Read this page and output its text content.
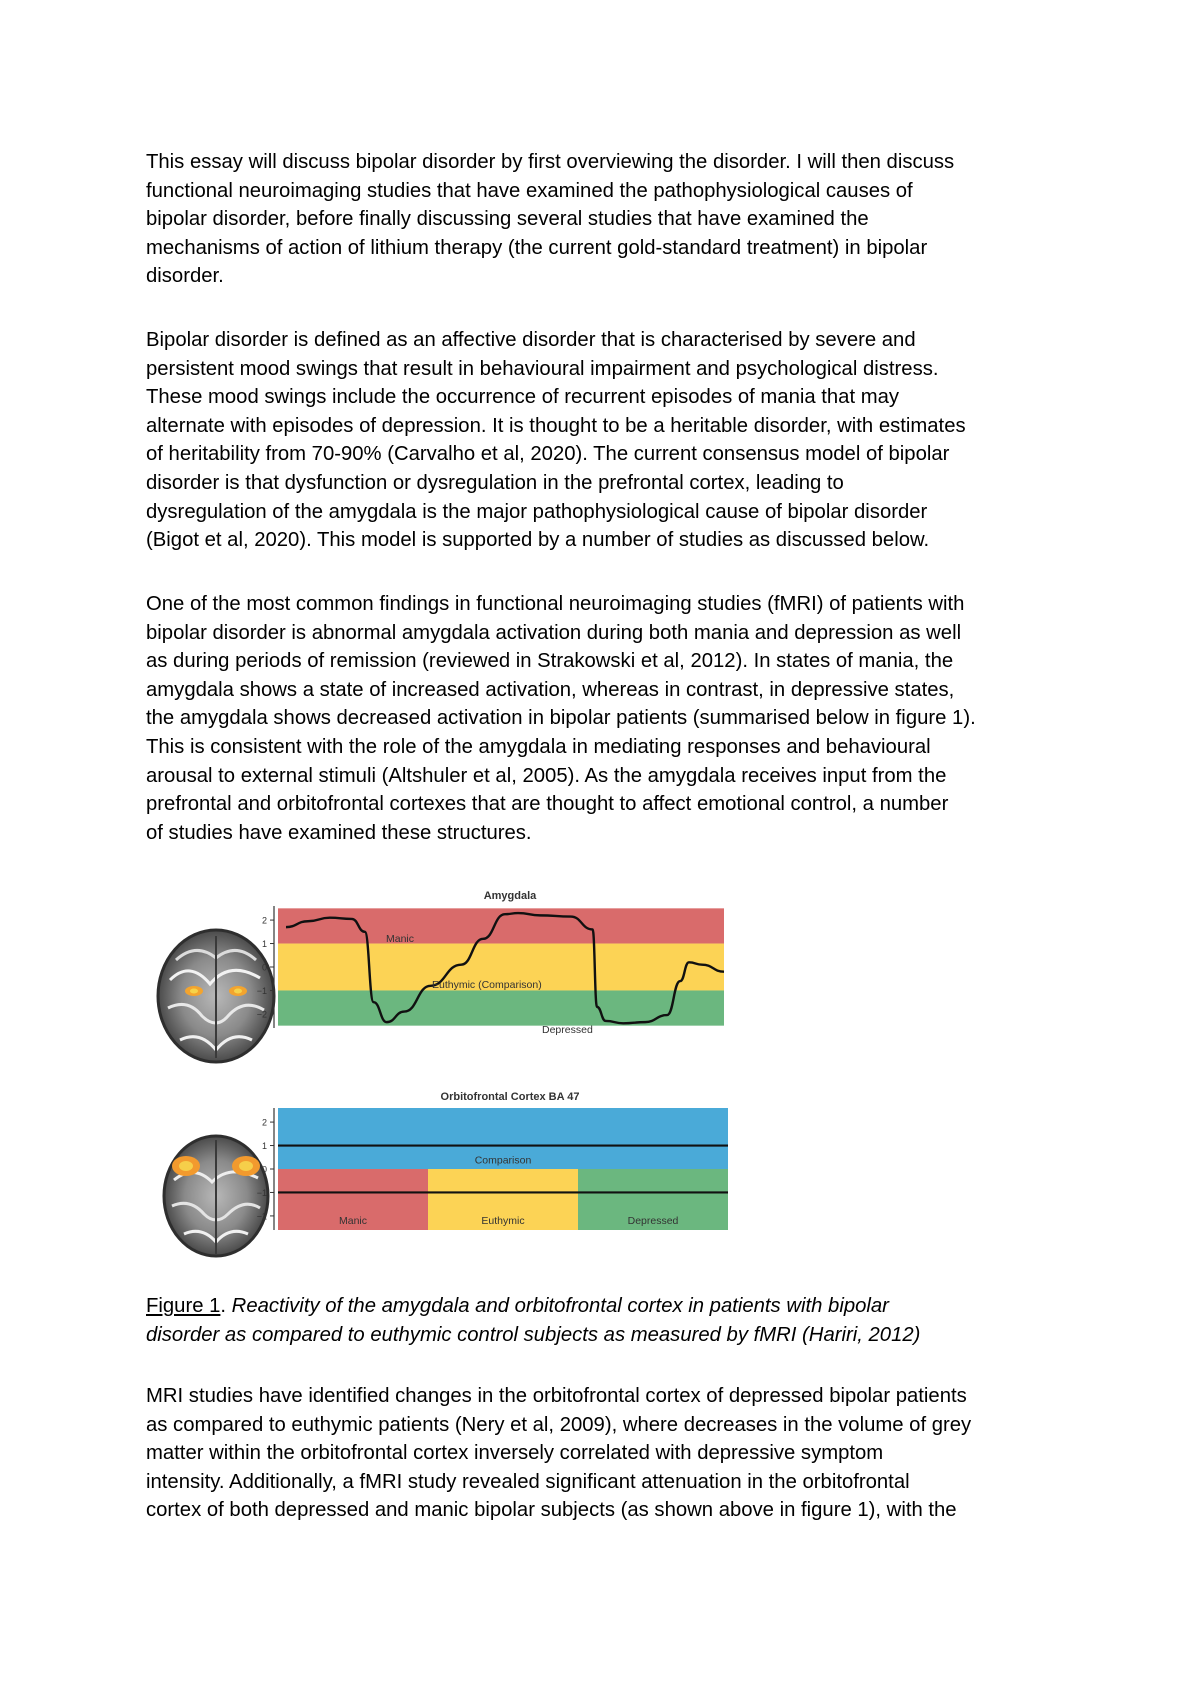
This essay will discuss bipolar disorder by first overviewing the disorder. I will then discuss
functional neuroimaging studies that have examined the pathophysiological causes of
bipolar disorder, before finally discussing several studies that have examined the
mechanisms of action of lithium therapy (the current gold-standard treatment) in bipolar
disorder.
Bipolar disorder is defined as an affective disorder that is characterised by severe and
persistent mood swings that result in behavioural impairment and psychological distress.
These mood swings include the occurrence of recurrent episodes of mania that may
alternate with episodes of depression. It is thought to be a heritable disorder, with estimates
of heritability from 70-90% (Carvalho et al, 2020). The current consensus model of bipolar
disorder is that dysfunction or dysregulation in the prefrontal cortex, leading to
dysregulation of the amygdala is the major pathophysiological cause of bipolar disorder
(Bigot et al, 2020). This model is supported by a number of studies as discussed below.
One of the most common findings in functional neuroimaging studies (fMRI) of patients with
bipolar disorder is abnormal amygdala activation during both mania and depression as well
as during periods of remission (reviewed in Strakowski et al, 2012). In states of mania, the
amygdala shows a state of increased activation, whereas in contrast, in depressive states,
the amygdala shows decreased activation in bipolar patients (summarised below in figure 1).
This is consistent with the role of the amygdala in mediating responses and behavioural
arousal to external stimuli (Altshuler et al, 2005). As the amygdala receives input from the
prefrontal and orbitofrontal cortexes that are thought to affect emotional control, a number
of studies have examined these structures.
Amygdala
2
1
0
−1
−2
Manic
Euthymic (Comparison)
Depressed
Orbitofrontal Cortex BA 47
Manic	Euthymic	Depressed
Comparison
2
1
0
−1
−2
Figure 1. Reactivity of the amygdala and orbitofrontal cortex in patients with bipolar
disorder as compared to euthymic control subjects as measured by fMRI (Hariri, 2012)
MRI studies have identified changes in the orbitofrontal cortex of depressed bipolar patients
as compared to euthymic patients (Nery et al, 2009), where decreases in the volume of grey
matter within the orbitofrontal cortex inversely correlated with depressive symptom
intensity. Additionally, a fMRI study revealed significant attenuation in the orbitofrontal
cortex of both depressed and manic bipolar subjects (as shown above in figure 1), with the
